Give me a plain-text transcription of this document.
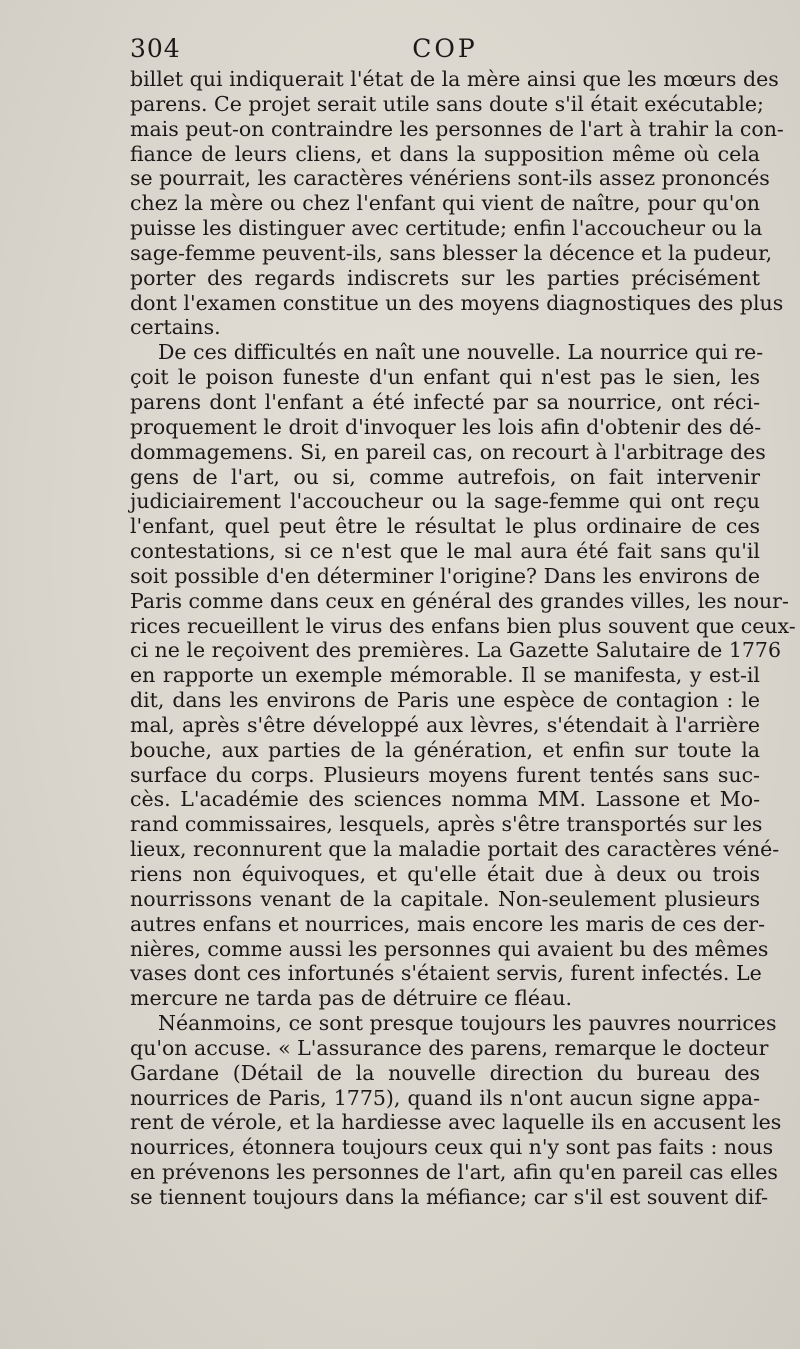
304	COP
billet qui indiquerait l'état de la mère ainsi que les mœurs des
parens. Ce projet serait utile sans doute s'il était exécutable;
mais peut-on contraindre les personnes de l'art à trahir la con-
fiance de leurs cliens, et dans la supposition même où cela
se pourrait, les caractères vénériens sont-ils assez prononcés
chez la mère ou chez l'enfant qui vient de naître, pour qu'on
puisse les distinguer avec certitude; enfin l'accoucheur ou la
sage-femme peuvent-ils, sans blesser la décence et la pudeur,
porter des regards indiscrets sur les parties précisément
dont l'examen constitue un des moyens diagnostiques des plus
certains.
De ces difficultés en naît une nouvelle. La nourrice qui re-
çoit le poison funeste d'un enfant qui n'est pas le sien, les
parens dont l'enfant a été infecté par sa nourrice, ont réci-
proquement le droit d'invoquer les lois afin d'obtenir des dé-
dommagemens. Si, en pareil cas, on recourt à l'arbitrage des
gens de l'art, ou si, comme autrefois, on fait intervenir
judiciairement l'accoucheur ou la sage-femme qui ont reçu
l'enfant, quel peut être le résultat le plus ordinaire de ces
contestations, si ce n'est que le mal aura été fait sans qu'il
soit possible d'en déterminer l'origine? Dans les environs de
Paris comme dans ceux en général des grandes villes, les nour-
rices recueillent le virus des enfans bien plus souvent que ceux-
ci ne le reçoivent des premières. La Gazette Salutaire de 1776
en rapporte un exemple mémorable. Il se manifesta, y est-il
dit, dans les environs de Paris une espèce de contagion : le
mal, après s'être développé aux lèvres, s'étendait à l'arrière
bouche, aux parties de la génération, et enfin sur toute la
surface du corps. Plusieurs moyens furent tentés sans suc-
cès. L'académie des sciences nomma MM. Lassone et Mo-
rand commissaires, lesquels, après s'être transportés sur les
lieux, reconnurent que la maladie portait des caractères véné-
riens non équivoques, et qu'elle était due à deux ou trois
nourrissons venant de la capitale. Non-seulement plusieurs
autres enfans et nourrices, mais encore les maris de ces der-
nières, comme aussi les personnes qui avaient bu des mêmes
vases dont ces infortunés s'étaient servis, furent infectés. Le
mercure ne tarda pas de détruire ce fléau.
Néanmoins, ce sont presque toujours les pauvres nourrices
qu'on accuse. « L'assurance des parens, remarque le docteur
Gardane (Détail de la nouvelle direction du bureau des
nourrices de Paris, 1775), quand ils n'ont aucun signe appa-
rent de vérole, et la hardiesse avec laquelle ils en accusent les
nourrices, étonnera toujours ceux qui n'y sont pas faits : nous
en prévenons les personnes de l'art, afin qu'en pareil cas elles
se tiennent toujours dans la méfiance; car s'il est souvent dif-
